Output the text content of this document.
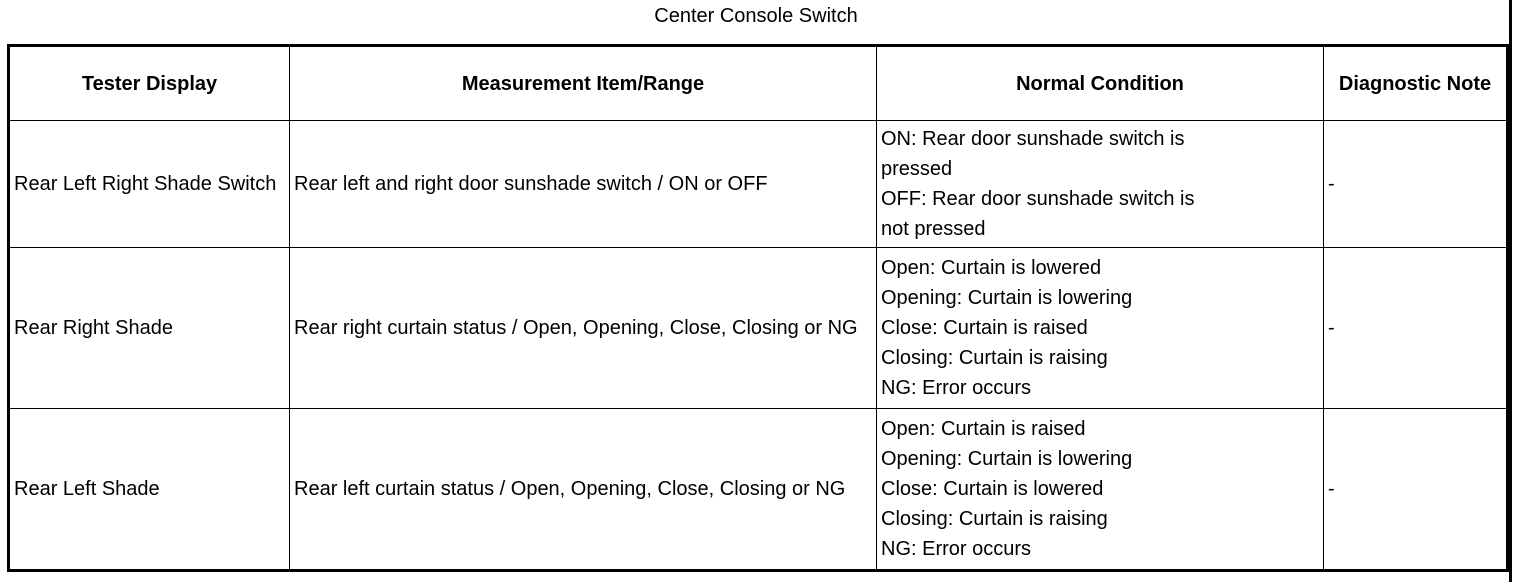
Center Console Switch
Tester Display	Measurement Item/Range	Normal Condition	Diagnostic Note
Rear Left Right Shade Switch	Rear left and right door sunshade switch / ON or OFF	ON: Rear door sunshade switch is
pressed
OFF: Rear door sunshade switch is
not pressed	-
Rear Right Shade	Rear right curtain status / Open, Opening, Close, Closing or NG	Open: Curtain is lowered
Opening: Curtain is lowering
Close: Curtain is raised
Closing: Curtain is raising
NG: Error occurs	-
Rear Left Shade	Rear left curtain status / Open, Opening, Close, Closing or NG	Open: Curtain is raised
Opening: Curtain is lowering
Close: Curtain is lowered
Closing: Curtain is raising
NG: Error occurs	-
